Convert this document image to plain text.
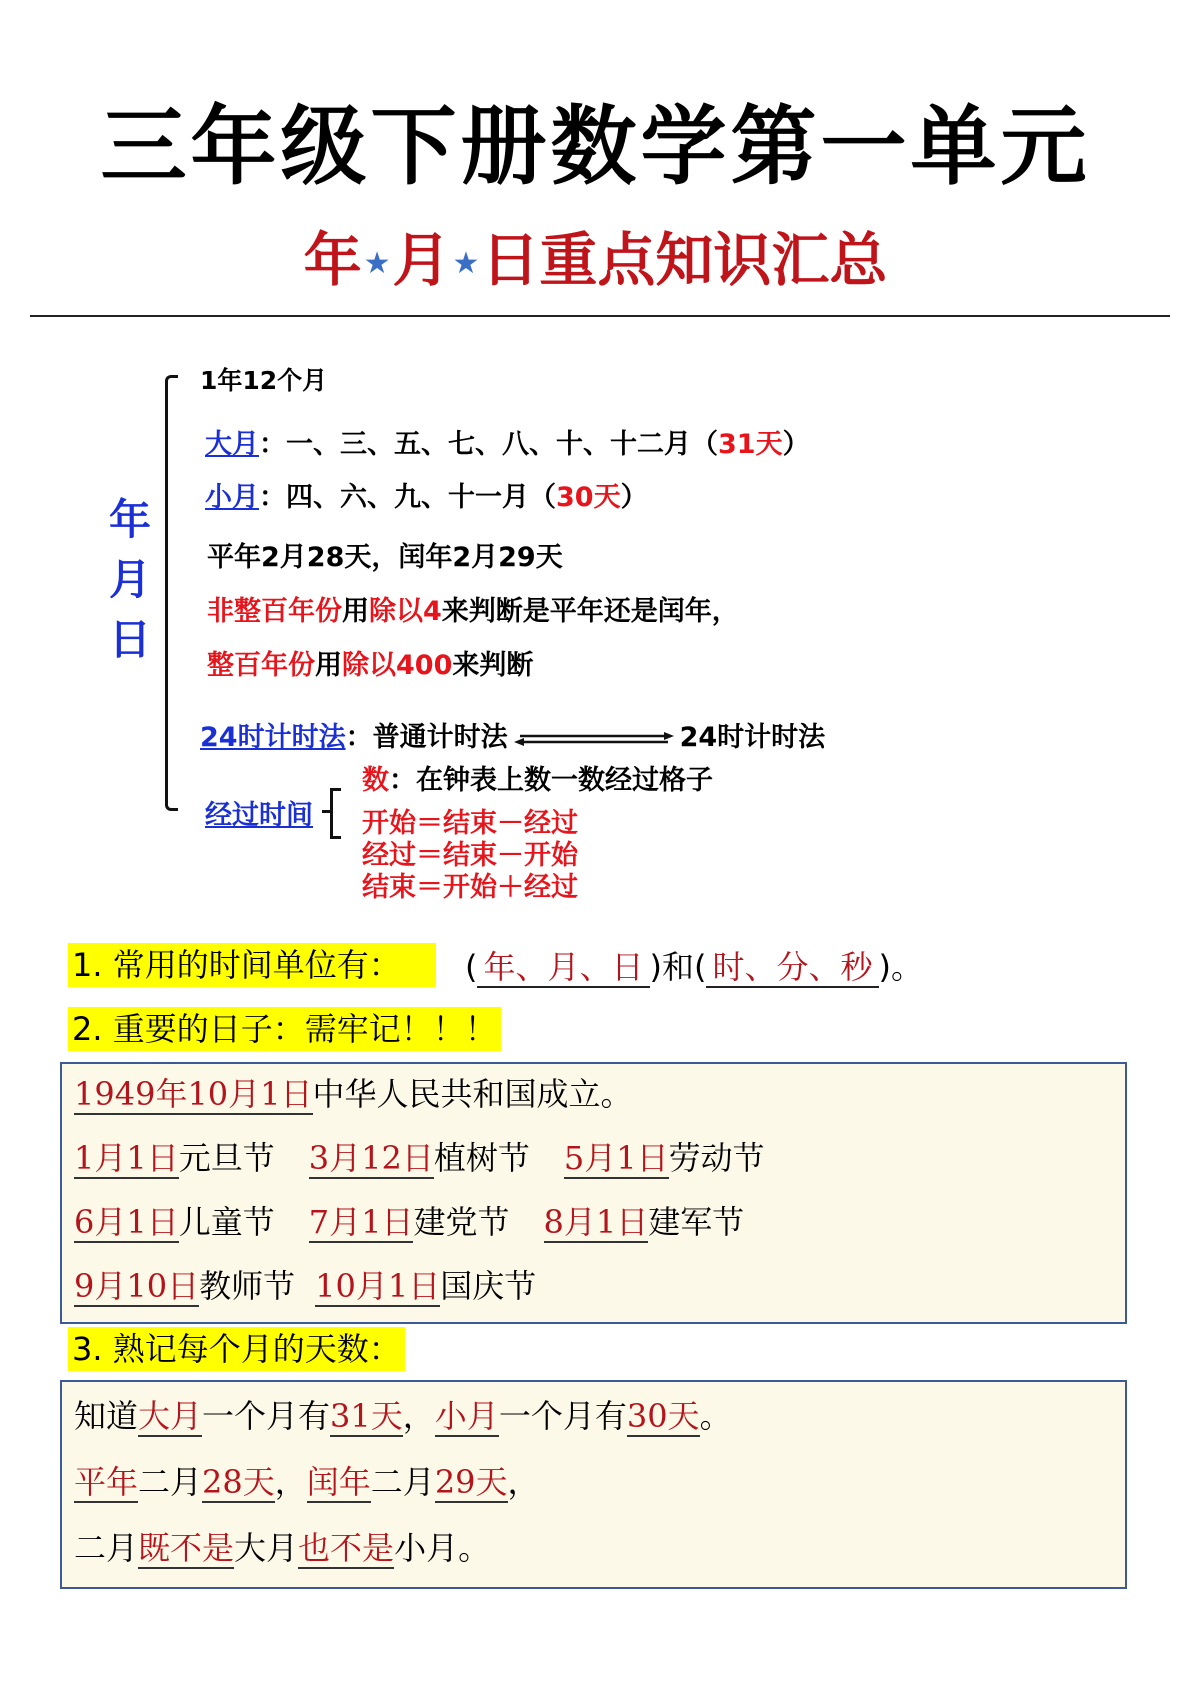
三年级下册数学第一单元
年★月★日重点知识汇总
年
月
日
1年12个月
大月：一、三、五、七、八、十、十二月（31天）
小月：四、六、九、十一月（30天）
平年2月28天，闰年2月29天
非整百年份用除以4来判断是平年还是闰年，
整百年份用除以400来判断
24时计时法：普通计时法	24时计时法
经过时间
数：在钟表上数一数经过格子
开始＝结束－经过
经过＝结束－开始
结束＝开始＋经过
1. 常用的时间单位有：	( 年、月、日 )和( 时、分、秒 )。
2. 重要的日子：需牢记！！！
1949年10月1日中华人民共和国成立。
1月1日元旦节 3月12日植树节 5月1日劳动节
6月1日儿童节 7月1日建党节 8月1日建军节
9月10日教师节 10月1日国庆节
3. 熟记每个月的天数：
知道大月一个月有31天，小月一个月有30天。
平年二月28天，闰年二月29天，
二月既不是大月也不是小月。
